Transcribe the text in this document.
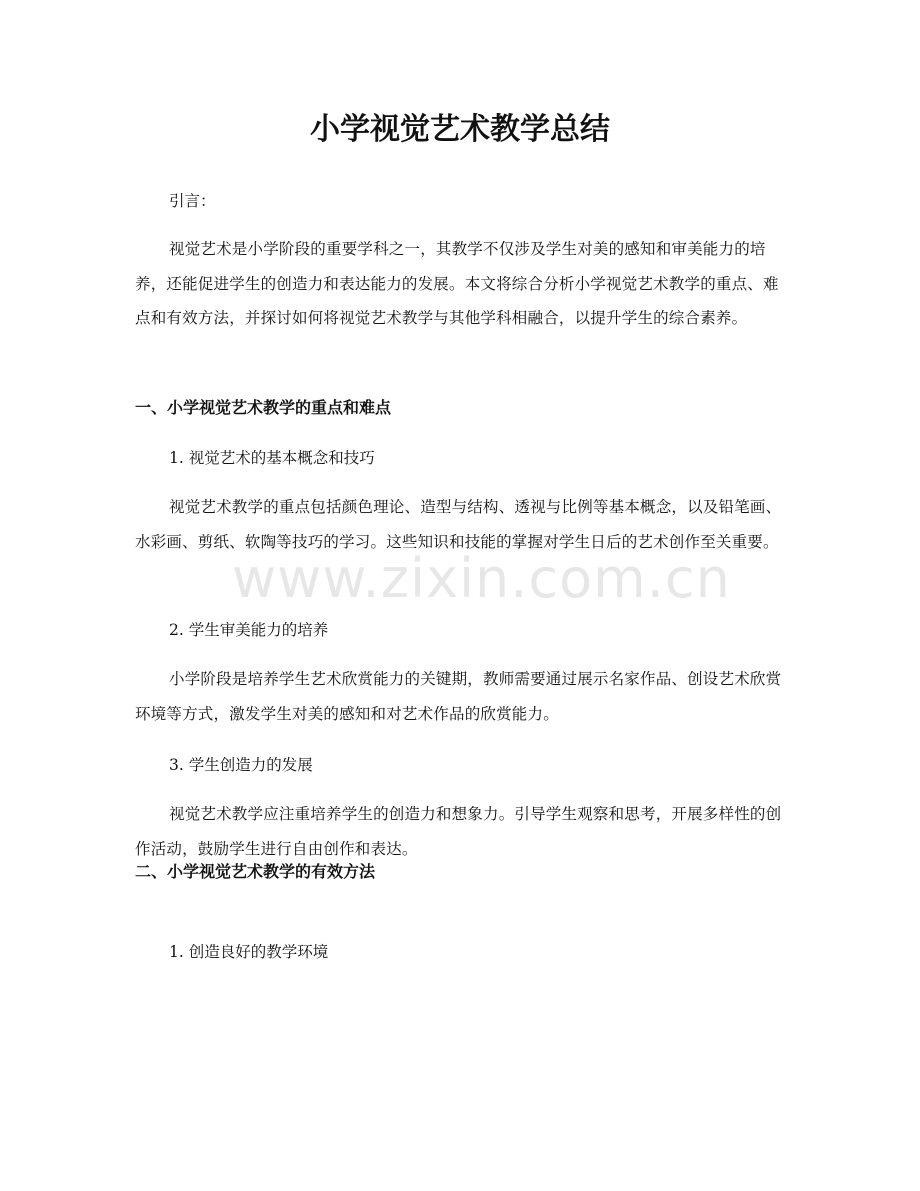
小学视觉艺术教学总结

引言：

视觉艺术是小学阶段的重要学科之一，其教学不仅涉及学生对美的感知和审美能力的培养，还能促进学生的创造力和表达能力的发展。本文将综合分析小学视觉艺术教学的重点、难点和有效方法，并探讨如何将视觉艺术教学与其他学科相融合，以提升学生的综合素养。

一、小学视觉艺术教学的重点和难点

1. 视觉艺术的基本概念和技巧

视觉艺术教学的重点包括颜色理论、造型与结构、透视与比例等基本概念，以及铅笔画、水彩画、剪纸、软陶等技巧的学习。这些知识和技能的掌握对学生日后的艺术创作至关重要。

2. 学生审美能力的培养

小学阶段是培养学生艺术欣赏能力的关键期，教师需要通过展示名家作品、创设艺术欣赏环境等方式，激发学生对美的感知和对艺术作品的欣赏能力。

3. 学生创造力的发展

视觉艺术教学应注重培养学生的创造力和想象力。引导学生观察和思考，开展多样性的创作活动，鼓励学生进行自由创作和表达。

二、小学视觉艺术教学的有效方法

1. 创造良好的教学环境

www.zixin.com.cn
